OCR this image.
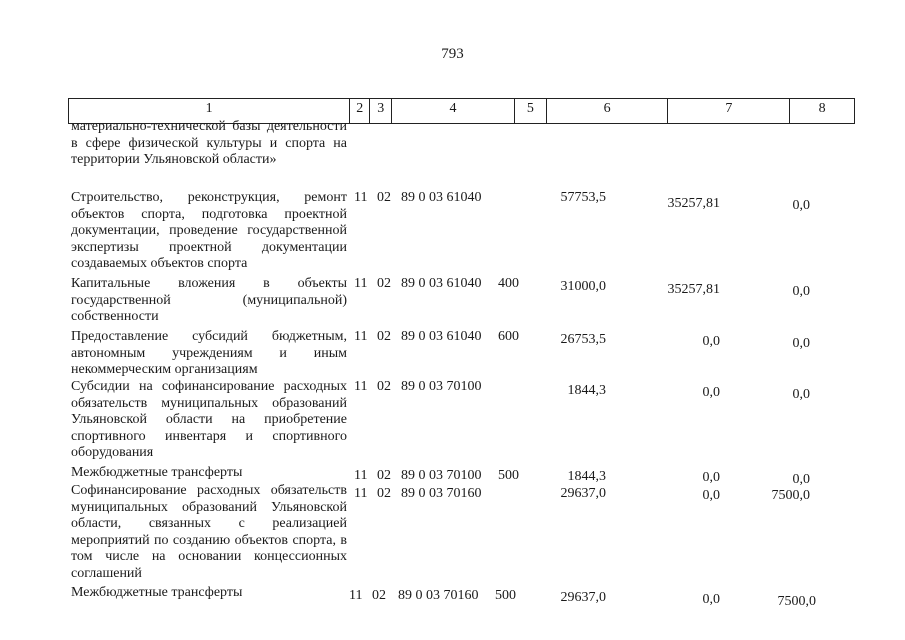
793
1	2 3	4	5	6	7	8
материально-технической базы деятельности в сфере физической культуры и спорта на территории Ульяновской области»
Строительство, реконструкция, ремонт объектов спорта, подготовка проектной документации, проведение государственной экспертизы проектной документации создаваемых объектов спорта
11 02 89 0 03 61040	57753,5	35257,81	0,0
Капитальные вложения в объекты государственной (муниципальной) собственности
11 02 89 0 03 61040 400	31000,0	35257,81	0,0
Предоставление субсидий бюджетным, автономным учреждениям и иным некоммерческим организациям
11 02 89 0 03 61040 600	26753,5	0,0	0,0
Субсидии на софинансирование расходных обязательств муниципальных образований Ульяновской области на приобретение спортивного инвентаря и спортивного оборудования
11 02 89 0 03 70100	1844,3	0,0	0,0
Межбюджетные трансферты	11 02 89 0 03 70100 500	1844,3	0,0	0,0
Софинансирование расходных обязательств муниципальных образований Ульяновской области, связанных с реализацией мероприятий по созданию объектов спорта, в том числе на основании концессионных соглашений
11 02 89 0 03 70160	29637,0	0,0	7500,0
Межбюджетные трансферты	11 02 89 0 03 70160 500	29637,0	0,0	7500,0
